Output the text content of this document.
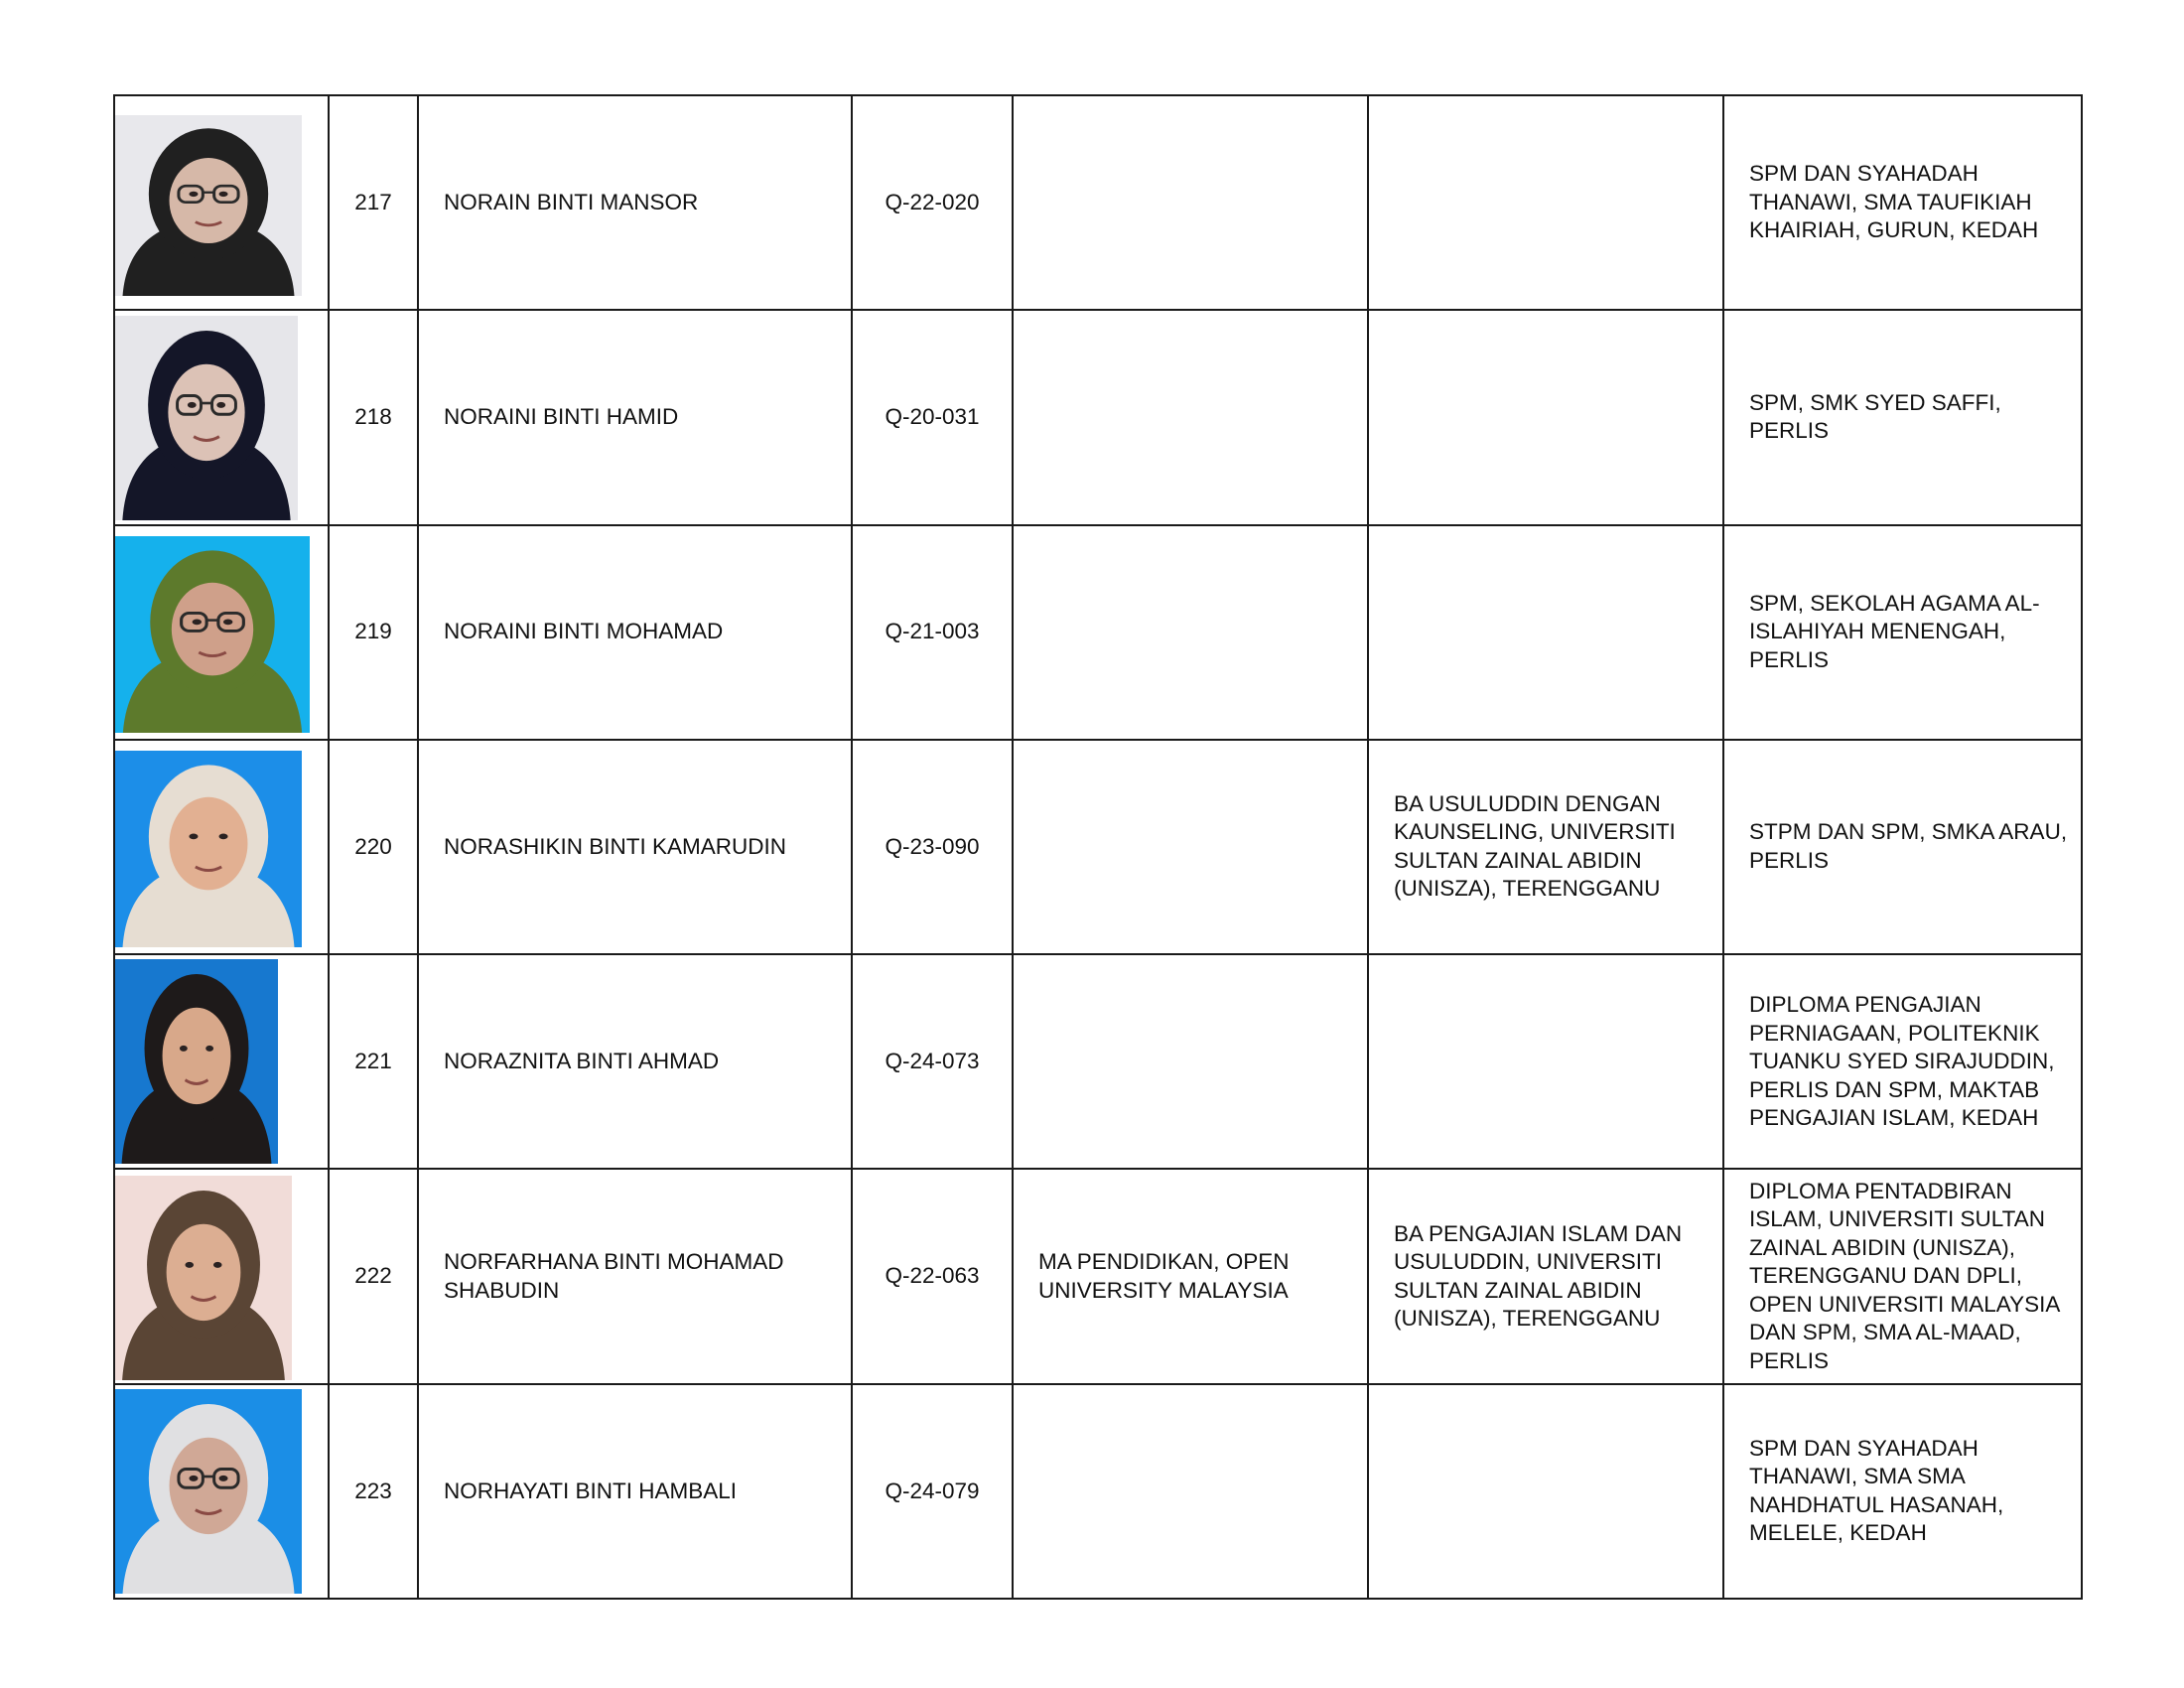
	217	NORAIN BINTI MANSOR	Q-22-020			SPM DAN SYAHADAH THANAWI, SMA TAUFIKIAH KHAIRIAH, GURUN, KEDAH

	218	NORAINI BINTI HAMID	Q-20-031			SPM, SMK SYED SAFFI, PERLIS

	219	NORAINI BINTI MOHAMAD	Q-21-003			SPM, SEKOLAH AGAMA AL-ISLAHIYAH MENENGAH, PERLIS

	220	NORASHIKIN BINTI KAMARUDIN	Q-23-090		BA USULUDDIN DENGAN KAUNSELING, UNIVERSITI SULTAN ZAINAL ABIDIN (UNISZA), TERENGGANU	STPM DAN SPM, SMKA ARAU, PERLIS

	221	NORAZNITA BINTI AHMAD	Q-24-073			DIPLOMA PENGAJIAN PERNIAGAAN, POLITEKNIK TUANKU SYED SIRAJUDDIN, PERLIS DAN SPM, MAKTAB PENGAJIAN ISLAM, KEDAH

	222	NORFARHANA BINTI MOHAMAD SHABUDIN	Q-22-063	MA PENDIDIKAN, OPEN UNIVERSITY MALAYSIA	BA PENGAJIAN ISLAM DAN USULUDDIN, UNIVERSITI SULTAN ZAINAL ABIDIN (UNISZA), TERENGGANU	DIPLOMA PENTADBIRAN ISLAM, UNIVERSITI SULTAN ZAINAL ABIDIN (UNISZA), TERENGGANU DAN DPLI, OPEN UNIVERSITI MALAYSIA DAN SPM, SMA AL-MAAD, PERLIS

	223	NORHAYATI BINTI HAMBALI	Q-24-079			SPM DAN SYAHADAH THANAWI, SMA SMA NAHDHATUL HASANAH, MELELE, KEDAH
